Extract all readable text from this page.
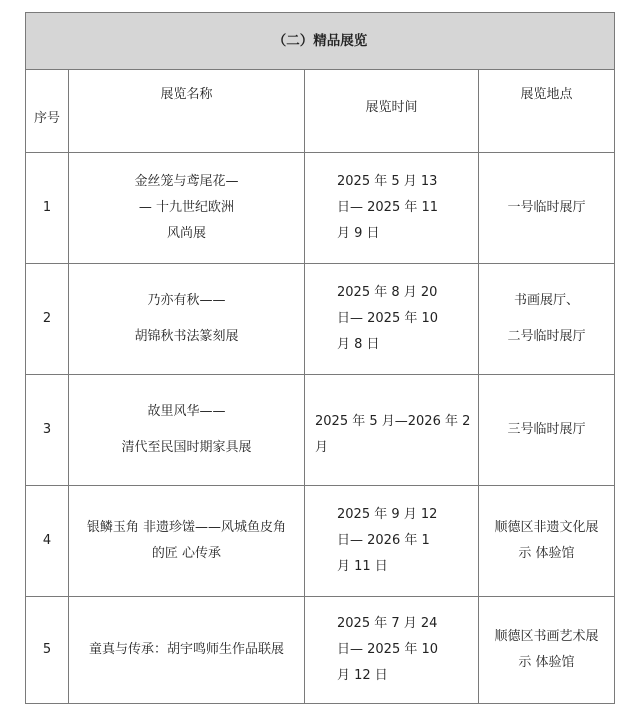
（二）精品展览			
序号	展览名称	展览时间	展览地点
1	金丝笼与鸢尾花—
— 十九世纪欧洲
风尚展	2025 年 5 月 13
日— 2025 年 11
月 9 日	一号临时展厅

2	乃亦有秋——
胡锦秋书法篆刻展	2025 年 8 月 20
日— 2025 年 10
月 8 日	书画展厅、
二号临时展厅

3	故里风华——
清代至民国时期家具展	2025 年 5 月—2026 年 2
月	三号临时展厅

4	银鳞玉角 非遗珍馐——风城鱼皮角
的匠 心传承	2025 年 9 月 12
日— 2026 年 1
月 11 日	顺德区非遗文化展
示 体验馆

5	童真与传承：胡宇鸣师生作品联展	2025 年 7 月 24
日— 2025 年 10
月 12 日	顺德区书画艺术展
示 体验馆
